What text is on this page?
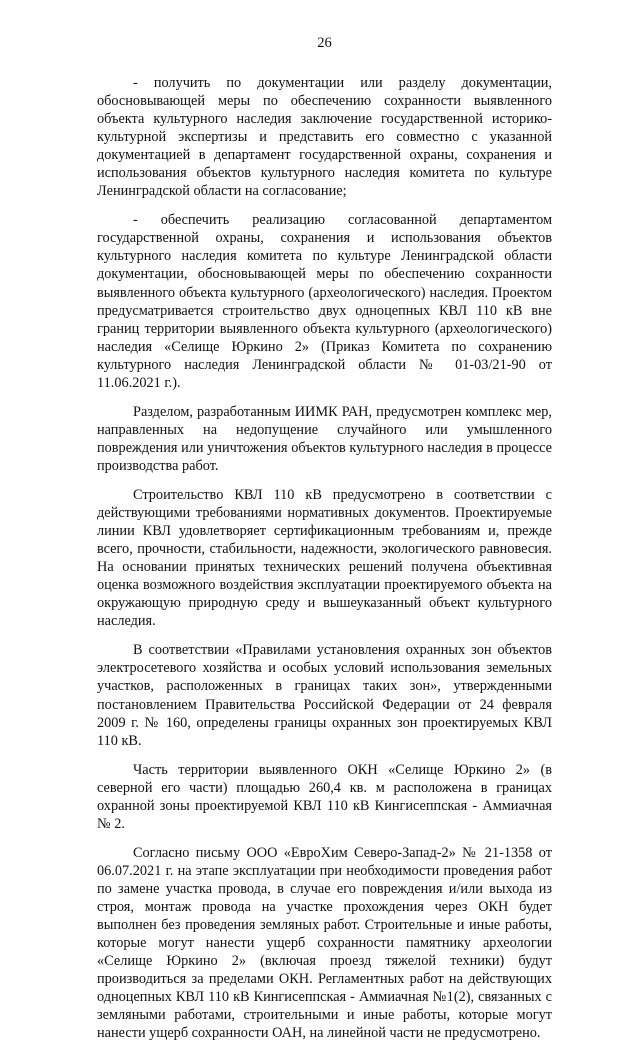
26

- получить по документации или разделу документации, обосновывающей меры по обеспечению сохранности выявленного объекта культурного наследия заключение государственной историко-культурной экспертизы и представить его совместно с указанной документацией в департамент государственной охраны, сохранения и использования объектов культурного наследия комитета по культуре Ленинградской области на согласование;

- обеспечить реализацию согласованной департаментом государственной охраны, сохранения и использования объектов культурного наследия комитета по культуре Ленинградской области документации, обосновывающей меры по обеспечению сохранности выявленного объекта культурного (археологического) наследия. Проектом предусматривается строительство двух одноцепных КВЛ 110 кВ вне границ территории выявленного объекта культурного (археологического) наследия «Селище Юркино 2» (Приказ Комитета по сохранению культурного наследия Ленинградской области № 01-03/21-90 от 11.06.2021 г.).

Разделом, разработанным ИИМК РАН, предусмотрен комплекс мер, направленных на недопущение случайного или умышленного повреждения или уничтожения объектов культурного наследия в процессе производства работ.

Строительство КВЛ 110 кВ предусмотрено в соответствии с действующими требованиями нормативных документов. Проектируемые линии КВЛ удовлетворяет сертификационным требованиям и, прежде всего, прочности, стабильности, надежности, экологического равновесия. На основании принятых технических решений получена объективная оценка возможного воздействия эксплуатации проектируемого объекта на окружающую природную среду и вышеуказанный объект культурного наследия.

В соответствии «Правилами установления охранных зон объектов электросетевого хозяйства и особых условий использования земельных участков, расположенных в границах таких зон», утвержденными постановлением Правительства Российской Федерации от 24 февраля 2009 г. № 160, определены границы охранных зон проектируемых КВЛ 110 кВ.

Часть территории выявленного ОКН «Селище Юркино 2» (в северной его части) площадью 260,4 кв. м расположена в границах охранной зоны проектируемой КВЛ 110 кВ Кингисеппская - Аммиачная № 2.

Согласно письму ООО «ЕвроХим Северо-Запад-2» № 21-1358 от 06.07.2021 г. на этапе эксплуатации при необходимости проведения работ по замене участка провода, в случае его повреждения и/или выхода из строя, монтаж провода на участке прохождения через ОКН будет выполнен без проведения земляных работ. Строительные и иные работы, которые могут нанести ущерб сохранности памятнику археологии «Селище Юркино 2» (включая проезд тяжелой техники) будут производиться за пределами ОКН. Регламентных работ на действующих одноцепных КВЛ 110 кВ Кингисеппская - Аммиачная №1(2), связанных с земляными работами, строительными и иные работы, которые могут нанести ущерб сохранности ОАН, на линейной части не предусмотрено.
